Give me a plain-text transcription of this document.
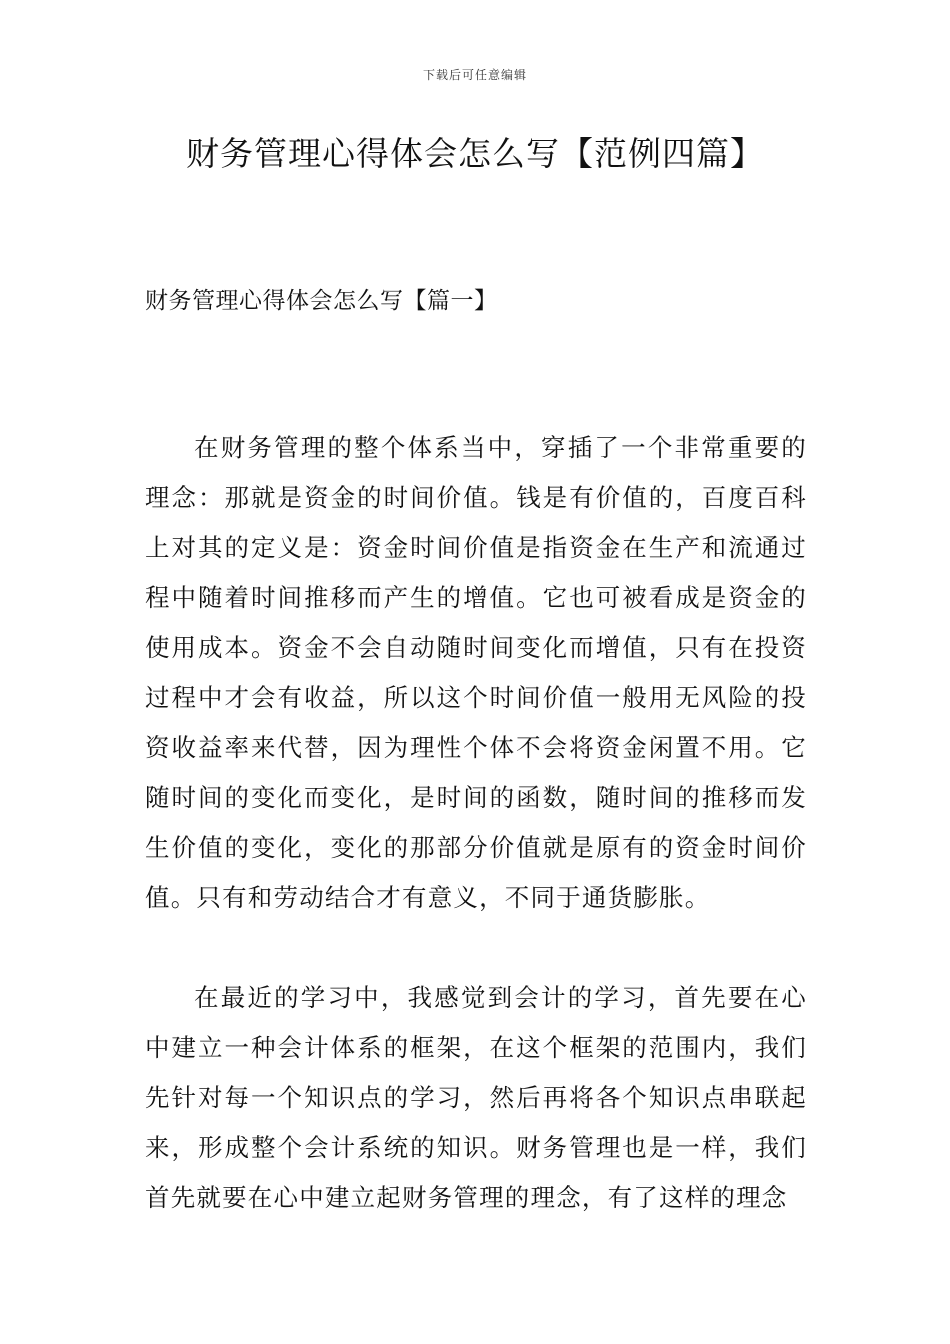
下载后可任意编辑
财务管理心得体会怎么写【范例四篇】
财务管理心得体会怎么写【篇一】

在财务管理的整个体系当中，穿插了一个非常重要的理念：那就是资金的时间价值。钱是有价值的，百度百科上对其的定义是：资金时间价值是指资金在生产和流通过程中随着时间推移而产生的增值。它也可被看成是资金的使用成本。资金不会自动随时间变化而增值，只有在投资过程中才会有收益，所以这个时间价值一般用无风险的投资收益率来代替，因为理性个体不会将资金闲置不用。它随时间的变化而变化，是时间的函数，随时间的推移而发生价值的变化，变化的那部分价值就是原有的资金时间价值。只有和劳动结合才有意义，不同于通货膨胀。

在最近的学习中，我感觉到会计的学习，首先要在心中建立一种会计体系的框架，在这个框架的范围内，我们先针对每一个知识点的学习，然后再将各个知识点串联起来，形成整个会计系统的知识。财务管理也是一样，我们首先就要在心中建立起财务管理的理念，有了这样的理念
